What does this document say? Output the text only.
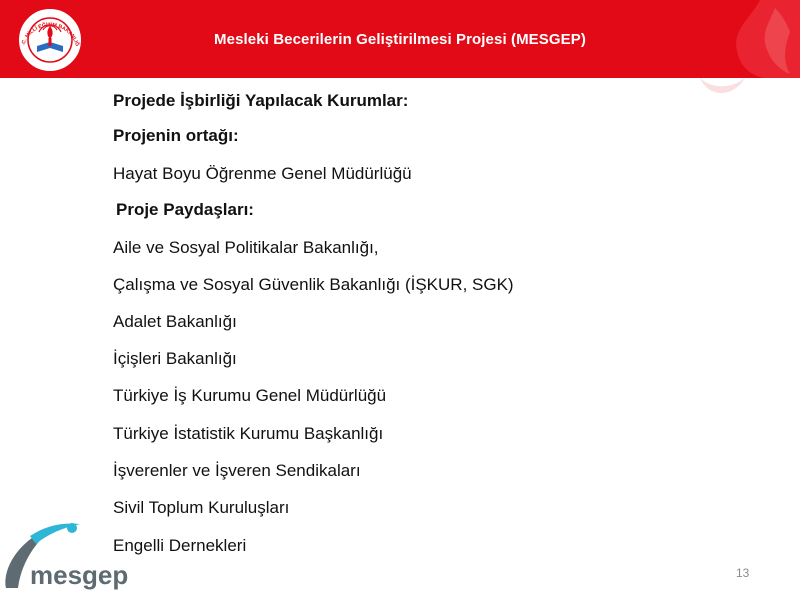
.C. MİLLÎ EĞİTİM BAKANLIĞ	Mesleki Becerilerin Geliştirilmesi Projesi (MESGEP)
Projede İşbirliği Yapılacak Kurumlar:
Projenin ortağı:
Hayat Boyu Öğrenme Genel Müdürlüğü
Proje Paydaşları:
Aile ve Sosyal Politikalar Bakanlığı,
Çalışma ve Sosyal Güvenlik Bakanlığı (İŞKUR, SGK)
Adalet Bakanlığı
İçişleri Bakanlığı
Türkiye İş Kurumu Genel Müdürlüğü
Türkiye İstatistik Kurumu Başkanlığı
İşverenler ve İşveren Sendikaları
Sivil Toplum Kuruluşları
Engelli Dernekleri
mesgep	13
